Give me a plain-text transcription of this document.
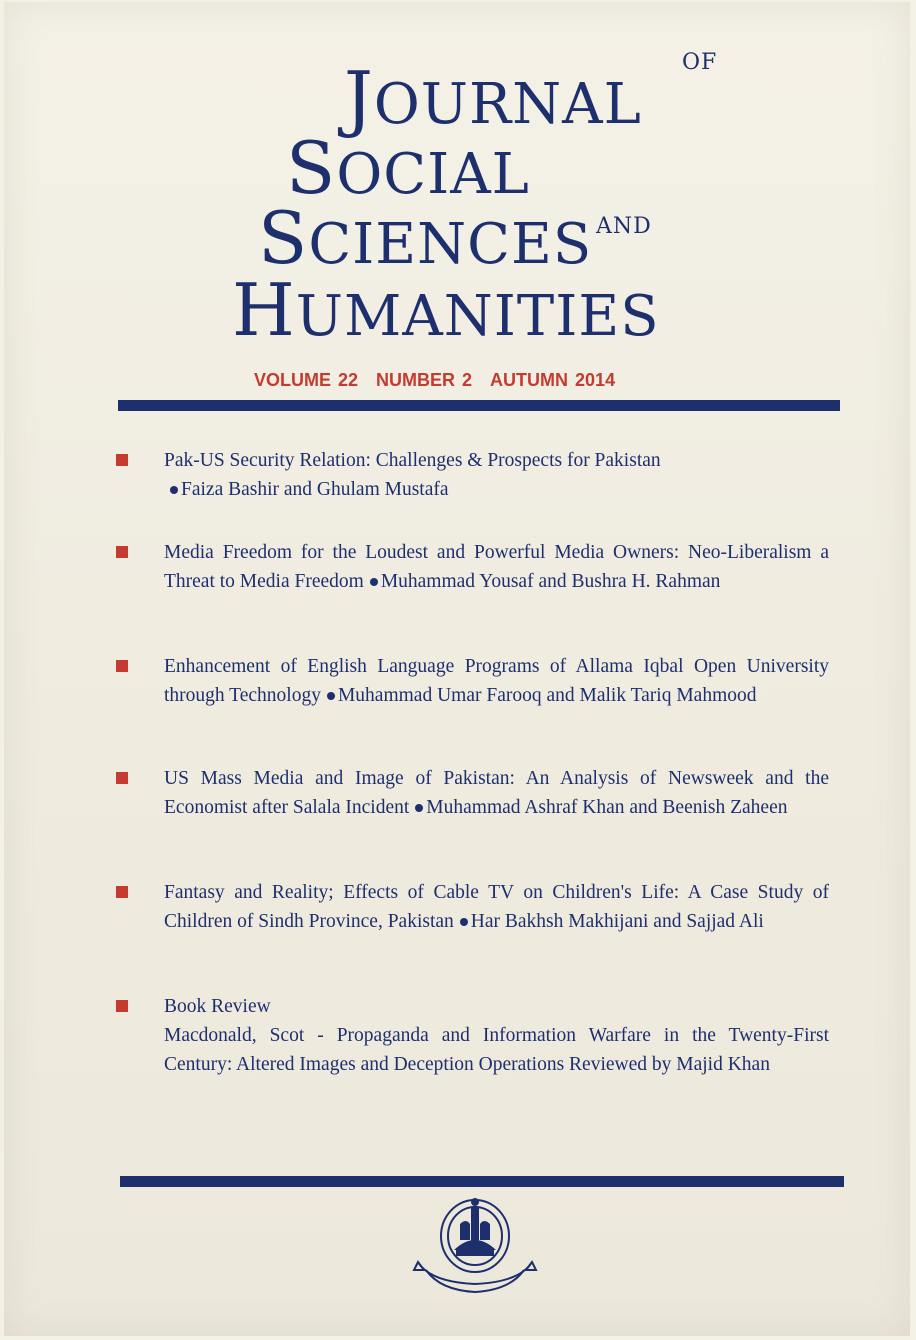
JOURNAL
OF
SOCIAL
SCIENCES AND
HUMANITIES
VOLUME 22 NUMBER 2 AUTUMN 2014
Pak-US Security Relation: Challenges & Prospects for Pakistan
Faiza Bashir and Ghulam Mustafa
Media Freedom for the Loudest and Powerful Media Owners: Neo-Liberalism a Threat to Media Freedom Muhammad Yousaf and Bushra H. Rahman
Enhancement of English Language Programs of Allama Iqbal Open University through Technology Muhammad Umar Farooq and Malik Tariq Mahmood
US Mass Media and Image of Pakistan: An Analysis of Newsweek and the Economist after Salala Incident Muhammad Ashraf Khan and Beenish Zaheen
Fantasy and Reality; Effects of Cable TV on Children's Life: A Case Study of Children of Sindh Province, Pakistan Har Bakhsh Makhijani and Sajjad Ali
Book Review
Macdonald, Scot - Propaganda and Information Warfare in the Twenty-First Century: Altered Images and Deception Operations Reviewed by Majid Khan
